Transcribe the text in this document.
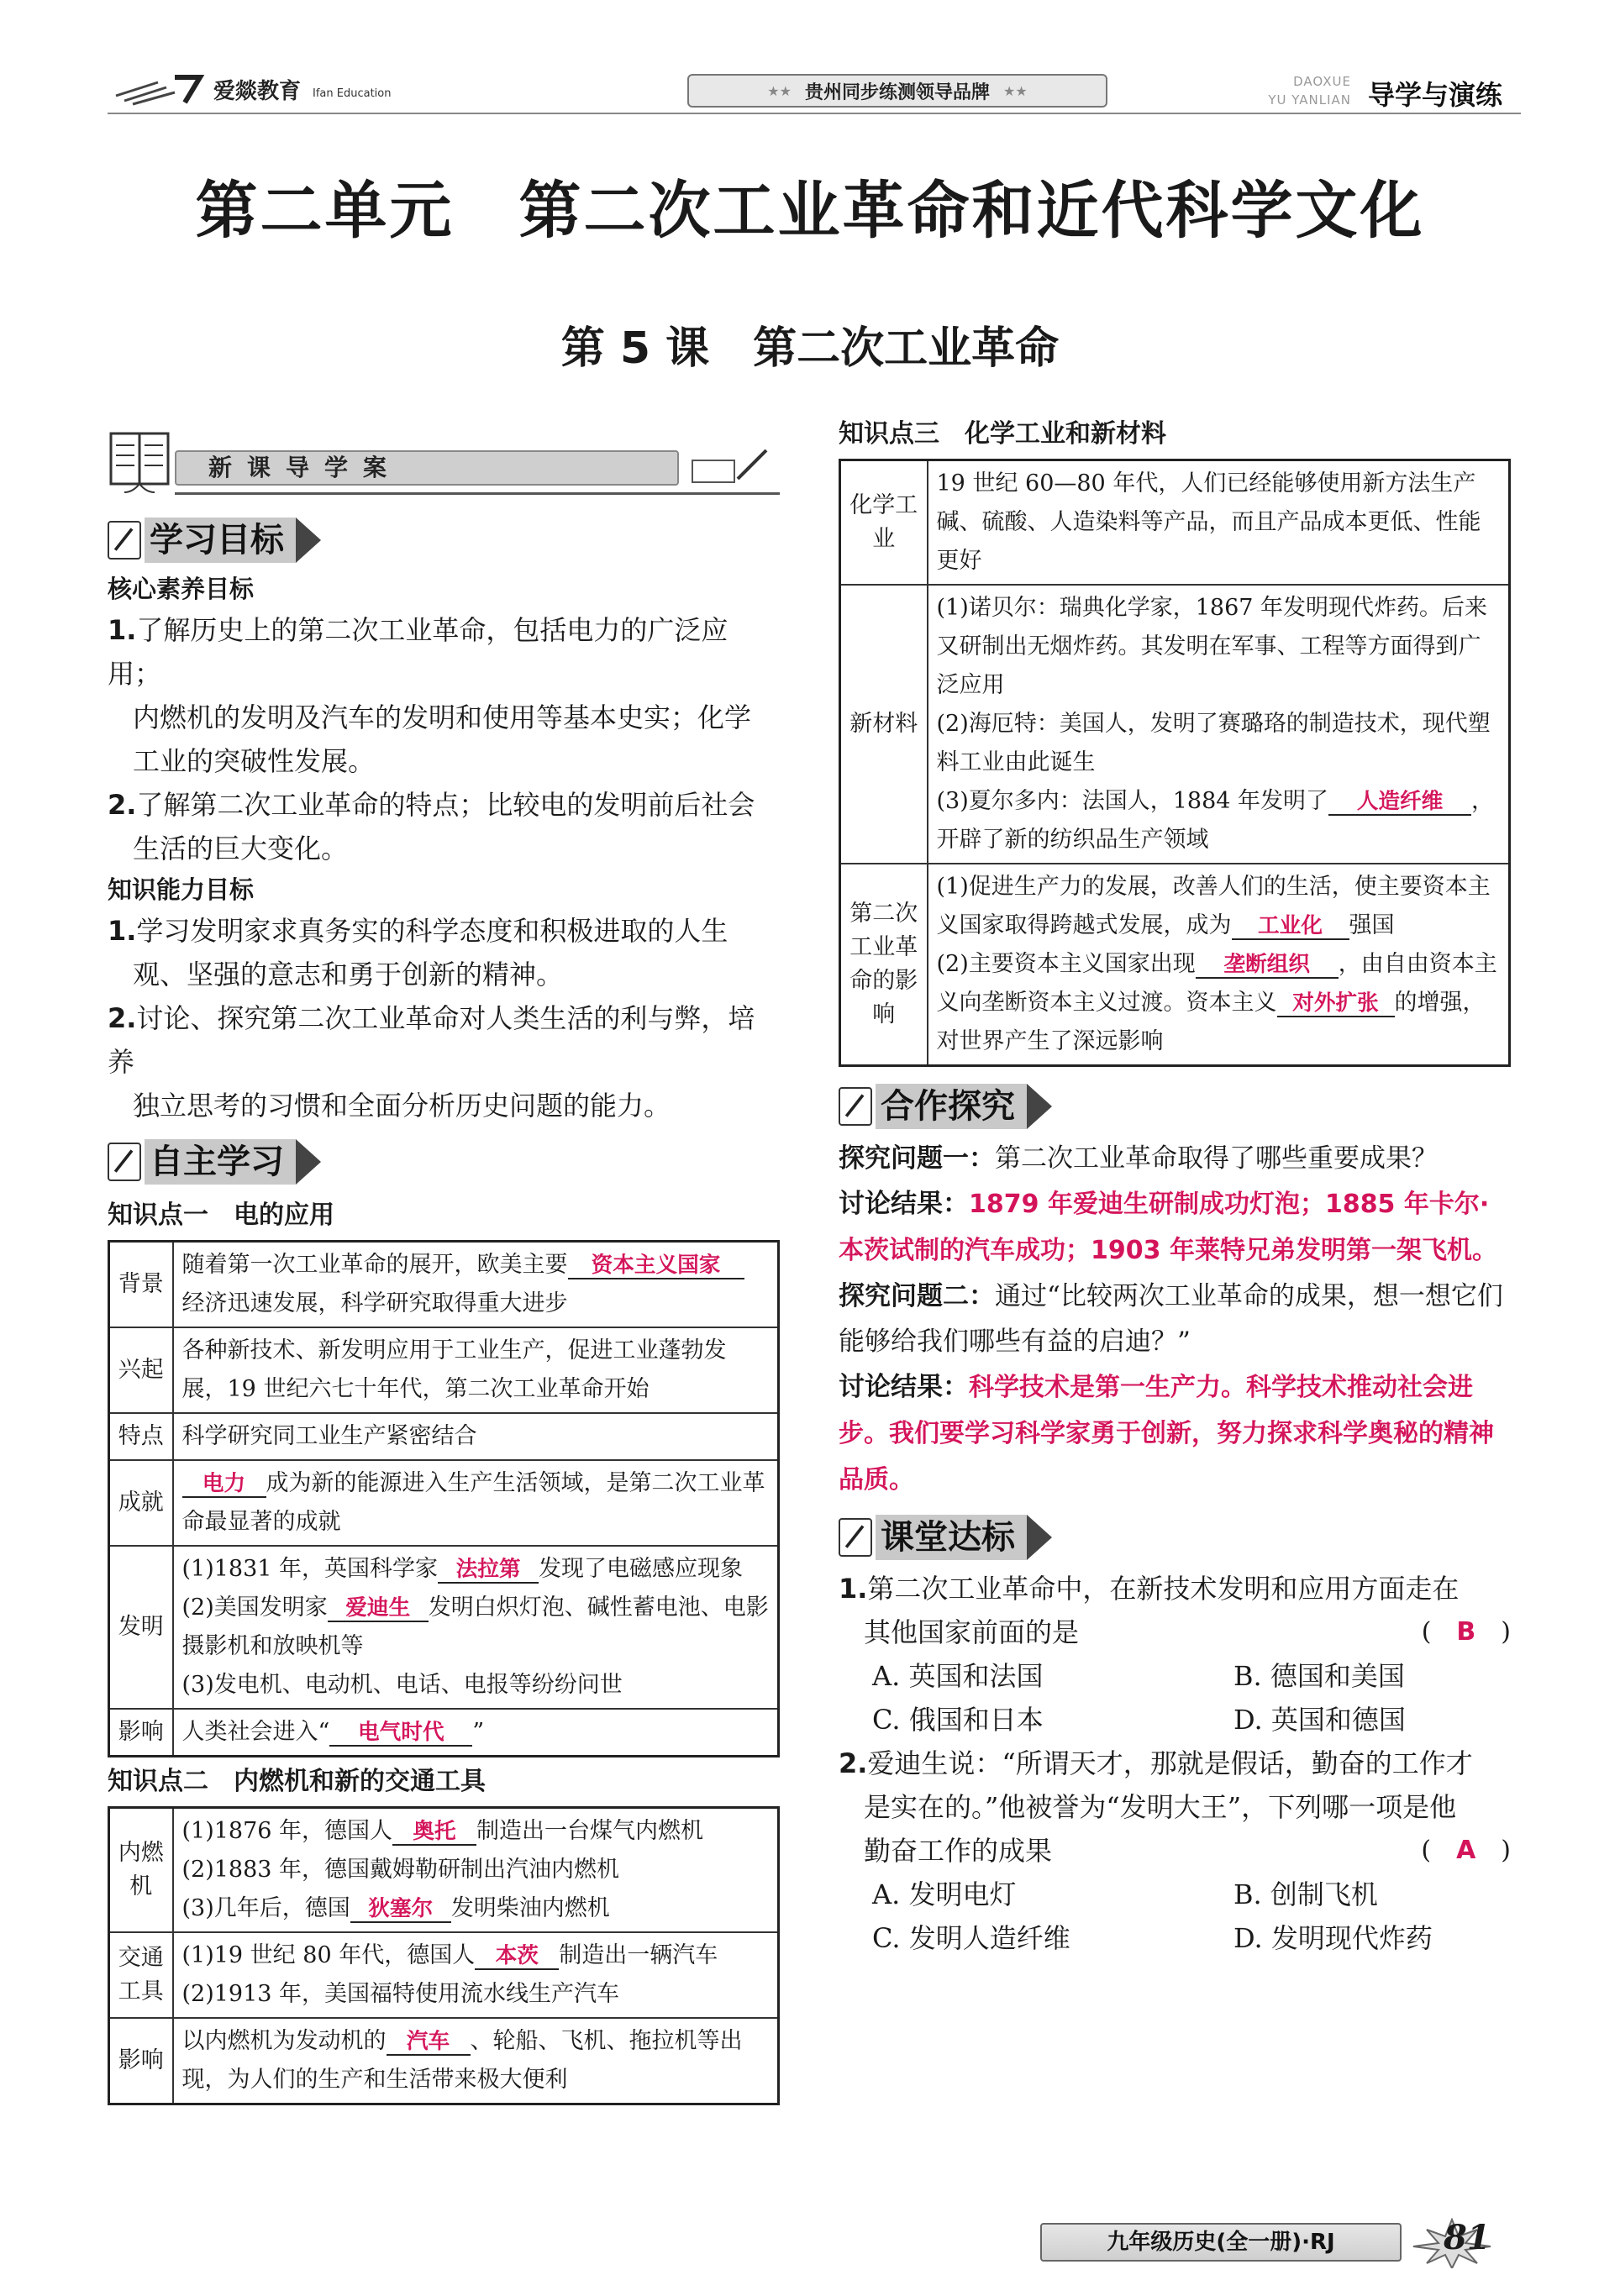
爱燚教育 Ifan Education	★★ 贵州同步练测领导品牌 ★★
DAOXUE
YU YANLIAN 导学与演练
第二单元　第二次工业革命和近代科学文化
第 5 课　第二次工业革命
新课导学案
学习目标
核心素养目标
1.了解历史上的第二次工业革命，包括电力的广泛应用；
内燃机的发明及汽车的发明和使用等基本史实；化学
工业的突破性发展。
2.了解第二次工业革命的特点；比较电的发明前后社会
生活的巨大变化。
知识能力目标
1.学习发明家求真务实的科学态度和积极进取的人生
观、坚强的意志和勇于创新的精神。
2.讨论、探究第二次工业革命对人类生活的利与弊，培养
独立思考的习惯和全面分析历史问题的能力。
自主学习
知识点一　电的应用
背景	随着第一次工业革命的展开，欧美主要 资本主义国家
经济迅速发展，科学研究取得重大进步
兴起	各种新技术、新发明应用于工业生产，促进工业蓬勃发展，19 世纪六七十年代，第二次工业革命开始
特点	科学研究同工业生产紧密结合
成就	电力 成为新的能源进入生产生活领域，是第二次工业革命最显著的成就
发明	(1)1831 年，英国科学家 法拉第 发现了电磁感应现象
(2)美国发明家 爱迪生 发明白炽灯泡、碱性蓄电池、电影摄影机和放映机等
(3)发电机、电动机、电话、电报等纷纷问世
影响	人类社会进入“ 电气时代 ”
知识点二　内燃机和新的交通工具
内燃机	(1)1876 年，德国人 奥托 制造出一台煤气内燃机
(2)1883 年，德国戴姆勒研制出汽油内燃机
(3)几年后，德国 狄塞尔 发明柴油内燃机
交通工具	(1)19 世纪 80 年代，德国人 本茨 制造出一辆汽车
(2)1913 年，美国福特使用流水线生产汽车
影响	以内燃机为发动机的 汽车 、轮船、飞机、拖拉机等出现，为人们的生产和生活带来极大便利
知识点三　化学工业和新材料
化学工业	19 世纪 60—80 年代，人们已经能够使用新方法生产碱、硫酸、人造染料等产品，而且产品成本更低、性能更好
新材料	(1)诺贝尔：瑞典化学家，1867 年发明现代炸药。后来又研制出无烟炸药。其发明在军事、工程等方面得到广泛应用
(2)海厄特：美国人，发明了赛璐珞的制造技术，现代塑料工业由此诞生
(3)夏尔多内：法国人，1884 年发明了 人造纤维 ，开辟了新的纺织品生产领域
第二次工业革命的影响	(1)促进生产力的发展，改善人们的生活，使主要资本主义国家取得跨越式发展，成为 工业化 强国
(2)主要资本主义国家出现 垄断组织 ，由自由资本主义向垄断资本主义过渡。资本主义 对外扩张 的增强，对世界产生了深远影响
合作探究
探究问题一：第二次工业革命取得了哪些重要成果？
讨论结果：1879 年爱迪生研制成功灯泡；1885 年卡尔·本茨试制的汽车成功；1903 年莱特兄弟发明第一架飞机。
探究问题二：通过“比较两次工业革命的成果，想一想它们能够给我们哪些有益的启迪？”
讨论结果：科学技术是第一生产力。科学技术推动社会进步。我们要学习科学家勇于创新，努力探求科学奥秘的精神品质。
课堂达标
1.第二次工业革命中，在新技术发明和应用方面走在
其他国家前面的是	(　B　)
A. 英国和法国	B. 德国和美国
C. 俄国和日本	D. 英国和德国
2.爱迪生说：“所谓天才，那就是假话，勤奋的工作才
是实在的。”他被誉为“发明大王”，下列哪一项是他
勤奋工作的成果	(　A　)
A. 发明电灯	B. 创制飞机
C. 发明人造纤维	D. 发明现代炸药
九年级历史(全一册)·RJ	81
